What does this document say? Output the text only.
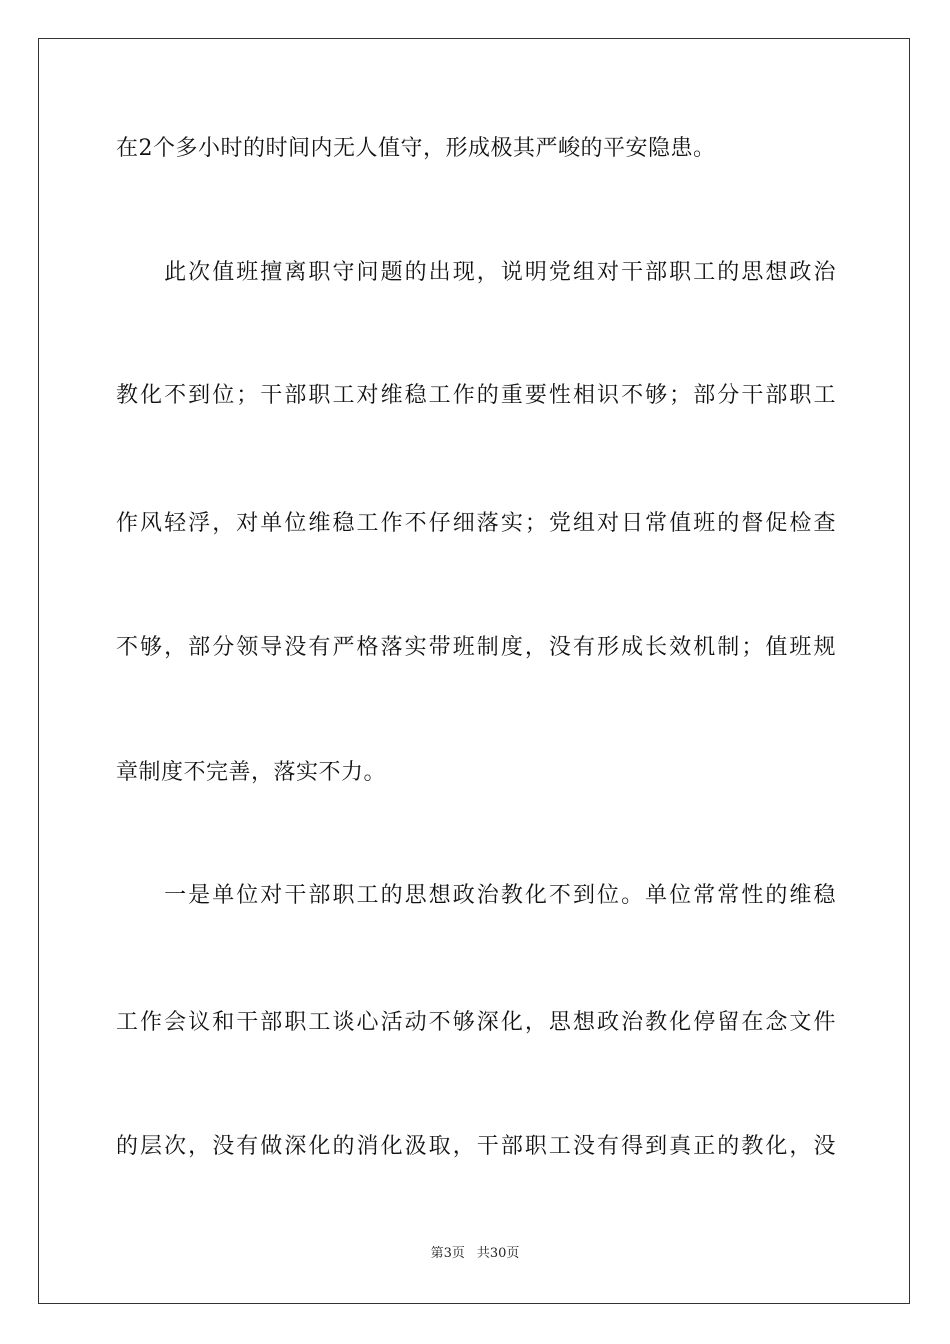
在2个多小时的时间内无人值守，形成极其严峻的平安隐患。
　　此次值班擅离职守问题的出现，说明党组对干部职工的思想政治
教化不到位；干部职工对维稳工作的重要性相识不够；部分干部职工
作风轻浮，对单位维稳工作不仔细落实；党组对日常值班的督促检查
不够，部分领导没有严格落实带班制度，没有形成长效机制；值班规
章制度不完善，落实不力。
　　一是单位对干部职工的思想政治教化不到位。单位常常性的维稳
工作会议和干部职工谈心活动不够深化，思想政治教化停留在念文件
的层次，没有做深化的消化汲取，干部职工没有得到真正的教化，没
第3页 共30页
